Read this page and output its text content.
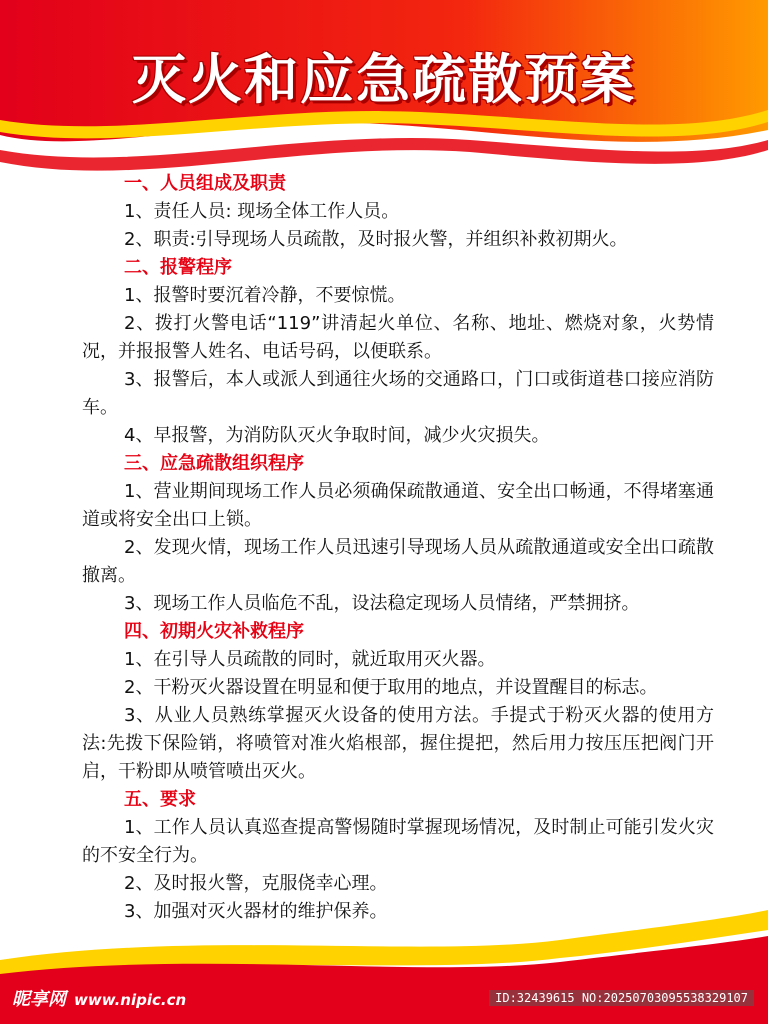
灭火和应急疏散预案

一、人员组成及职责

1、责任人员: 现场全体工作人员。

2、职责:引导现场人员疏散，及时报火警，并组织补救初期火。

二、报警程序

1、报警时要沉着冷静，不要惊慌。

2、拨打火警电话“119”讲清起火单位、名称、地址、燃烧对象，火势情况，并报报警人姓名、电话号码，以便联系。

3、报警后，本人或派人到通往火场的交通路口，门口或街道巷口接应消防车。

4、早报警，为消防队灭火争取时间，减少火灾损失。

三、应急疏散组织程序

1、营业期间现场工作人员必须确保疏散通道、安全出口畅通，不得堵塞通道或将安全出口上锁。

2、发现火情，现场工作人员迅速引导现场人员从疏散通道或安全出口疏散撤离。

3、现场工作人员临危不乱，设法稳定现场人员情绪，严禁拥挤。

四、初期火灾补救程序

1、在引导人员疏散的同时，就近取用灭火器。

2、干粉灭火器设置在明显和便于取用的地点，并设置醒目的标志。

3、从业人员熟练掌握灭火设备的使用方法。手提式于粉灭火器的使用方法:先拨下保险销，将喷管对准火焰根部，握住提把，然后用力按压压把阀门开启，干粉即从喷管喷出灭火。

五、要求

1、工作人员认真巡查提高警惕随时掌握现场情况，及时制止可能引发火灾的不安全行为。

2、及时报火警，克服侥幸心理。

3、加强对灭火器材的维护保养。

昵享网 www.nipic.cn	ID:32439615 NO:20250703095538329107
